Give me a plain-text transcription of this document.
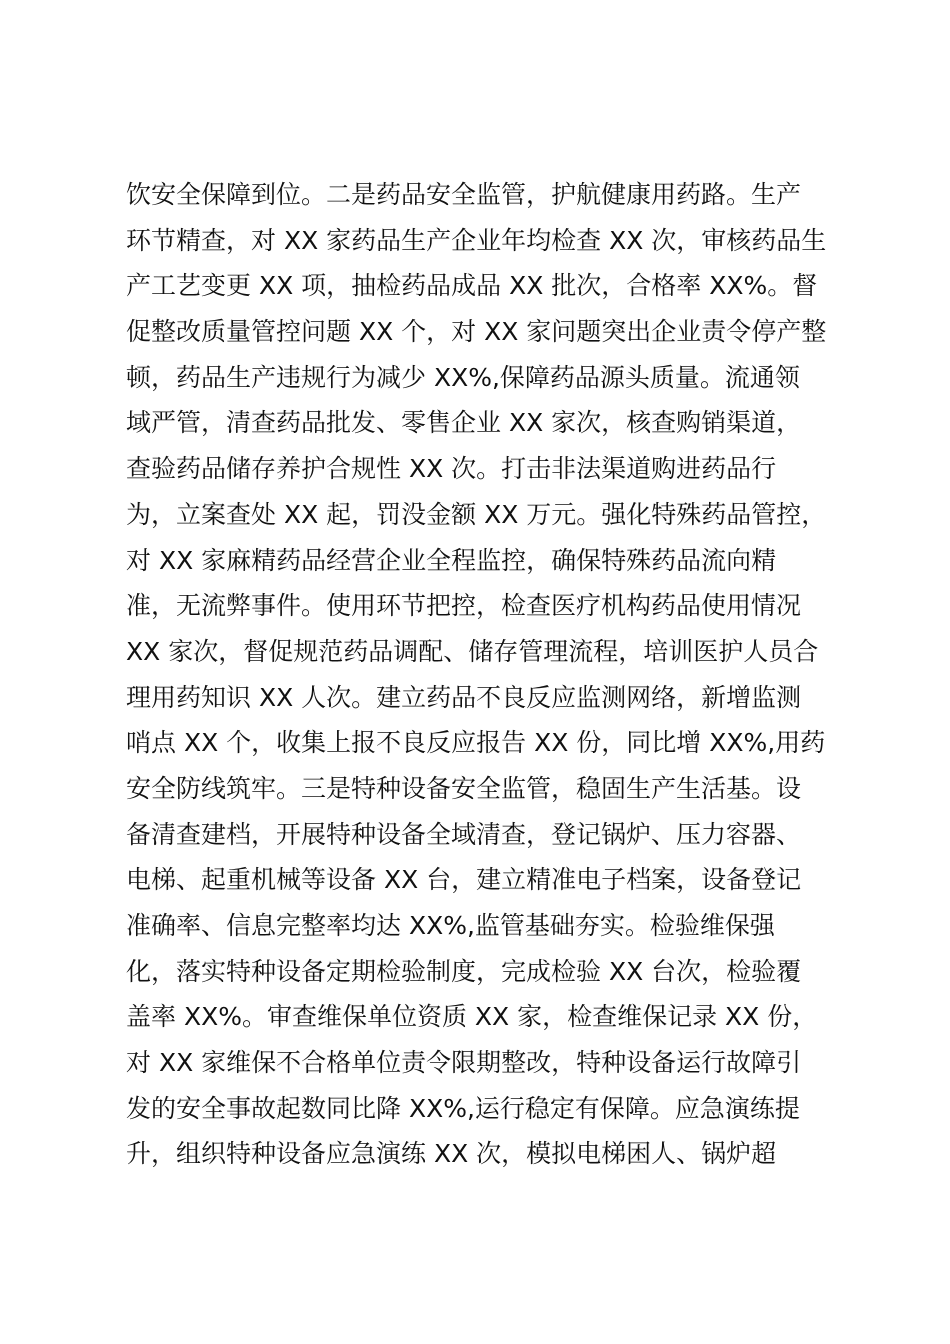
饮安全保障到位。二是药品安全监管，护航健康用药路。生产
环节精查，对 XX 家药品生产企业年均检查 XX 次，审核药品生
产工艺变更 XX 项，抽检药品成品 XX 批次，合格率 XX%。督
促整改质量管控问题 XX 个，对 XX 家问题突出企业责令停产整
顿，药品生产违规行为减少 XX%,保障药品源头质量。流通领
域严管，清查药品批发、零售企业 XX 家次，核查购销渠道，
查验药品储存养护合规性 XX 次。打击非法渠道购进药品行
为，立案查处 XX 起，罚没金额 XX 万元。强化特殊药品管控，
对 XX 家麻精药品经营企业全程监控，确保特殊药品流向精
准，无流弊事件。使用环节把控，检查医疗机构药品使用情况
XX 家次，督促规范药品调配、储存管理流程，培训医护人员合
理用药知识 XX 人次。建立药品不良反应监测网络，新增监测
哨点 XX 个，收集上报不良反应报告 XX 份，同比增 XX%,用药
安全防线筑牢。三是特种设备安全监管，稳固生产生活基。设
备清查建档，开展特种设备全域清查，登记锅炉、压力容器、
电梯、起重机械等设备 XX 台，建立精准电子档案，设备登记
准确率、信息完整率均达 XX%,监管基础夯实。检验维保强
化，落实特种设备定期检验制度，完成检验 XX 台次，检验覆
盖率 XX%。审查维保单位资质 XX 家，检查维保记录 XX 份，
对 XX 家维保不合格单位责令限期整改，特种设备运行故障引
发的安全事故起数同比降 XX%,运行稳定有保障。应急演练提
升，组织特种设备应急演练 XX 次，模拟电梯困人、锅炉超
